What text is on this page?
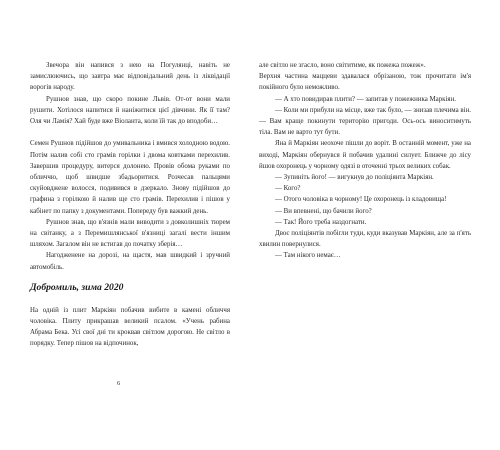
Звечора він напився з нею на Погулянці, навіть не замислюючись, що завтра має відповідальний день із ліквідації ворогів народу.

Рушнов знав, що скоро покине Львів. От-от вони мали рушити. Хотілося напитися й наніжитися цієї дівчини. Як її там? Оля чи Ламія? Хай буде вже Віоланта, коли їй так до вподоби…

Семен Рушнов підійшов до умивальника і вмився холодною водою. Потім налив собі сто грамів горілки і двома ковтками перехилив. Завершив процедуру, витерся долонею. Провів обома руками по обличчю, щоб швидше збадьоритися. Розчесав пальцями скуйовджене волосся, подивився в дзеркало. Знову підійшов до графина з горілкою й налив ще сто грамів. Перехилив і пішов у кабінет по папку з документами. Попереду був важкий день.

Рушнов знав, що в'язнів мали виводити з довколишніх тюрем на світанку, а з Перемишлянської в'язниці загалі вести іншим шляхом. Загалом він не встигав до початку зберія…

Нагодженене на дорозі, на щастя, мав швидкий і зручний автомобіль.

Добромиль, зима 2020

На одній із плит Маркіян побачив вибите в камені обличчя чоловіка. Плиту прикрашав великий псалом. «Учень рабина Абрама Бека. Усі свої дні ти кроквав світлом дорогою. Не світло в порядку. Тепер пішов на відпочинок,

6

але світло не згасло, воно світитиме, як пожежа пожеж».

Верхня частина маццеви здавалася обрізаною, тож прочитати ім'я покійного було неможливо.

— А хто повидирав плити? — запитав у пожежника Маркіян.

— Коли ми прибули на місце, вже так було, — знизав плечима він. — Вам краще покинути територію пригоди. Ось-ось виноситимуть тіла. Вам не варто тут бути.

Яна й Маркіян неохоче пішли до воріт. В останній момент, уже на виході, Маркіян обернувся й побачив удалині силует. Ближче до лісу йшов охоронець у чорному одязі в оточенні трьох великих собак.

— Зупиніть його! — вигукнув до поліціянта Маркіян.

— Кого?

— Отого чоловіка в чорному! Це охоронець із кладовища!

— Ви впевнені, що бачили його?

— Так! Його треба наздогнати.

Двоє поліціянтів побігли туди, куди вказував Маркіян, але за п'ять хвилин повернулися.

— Там нікого немає…
